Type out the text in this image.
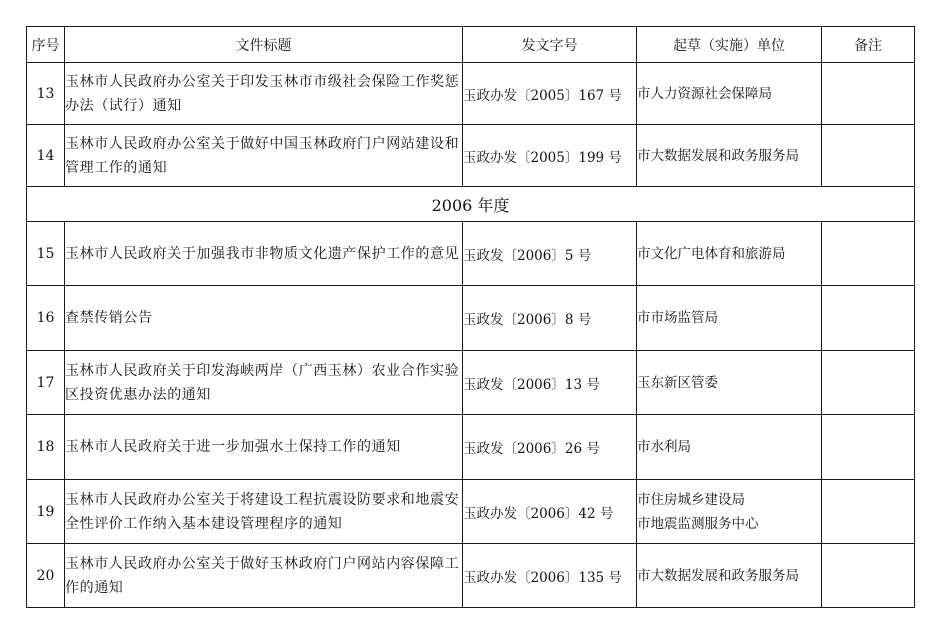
序号	文件标题	发文字号	起草（实施）单位	备注
13	玉林市人民政府办公室关于印发玉林市市级社会保险工作奖惩办法（试行）通知	玉政办发〔2005〕167 号	市人力资源社会保障局	

14	玉林市人民政府办公室关于做好中国玉林政府门户网站建设和管理工作的通知	玉政办发〔2005〕199 号	市大数据发展和政务服务局	

2006 年度				
15	玉林市人民政府关于加强我市非物质文化遗产保护工作的意见	玉政发〔2006〕5 号	市文化广电体育和旅游局	

16	查禁传销公告	玉政发〔2006〕8 号	市市场监管局	

17	玉林市人民政府关于印发海峡两岸（广西玉林）农业合作实验区投资优惠办法的通知	玉政发〔2006〕13 号	玉东新区管委	

18	玉林市人民政府关于进一步加强水土保持工作的通知	玉政发〔2006〕26 号	市水利局	

19	玉林市人民政府办公室关于将建设工程抗震设防要求和地震安全性评价工作纳入基本建设管理程序的通知	玉政办发〔2006〕42 号	市住房城乡建设局
市地震监测服务中心	

20	玉林市人民政府办公室关于做好玉林政府门户网站内容保障工作的通知	玉政办发〔2006〕135 号	市大数据发展和政务服务局	
